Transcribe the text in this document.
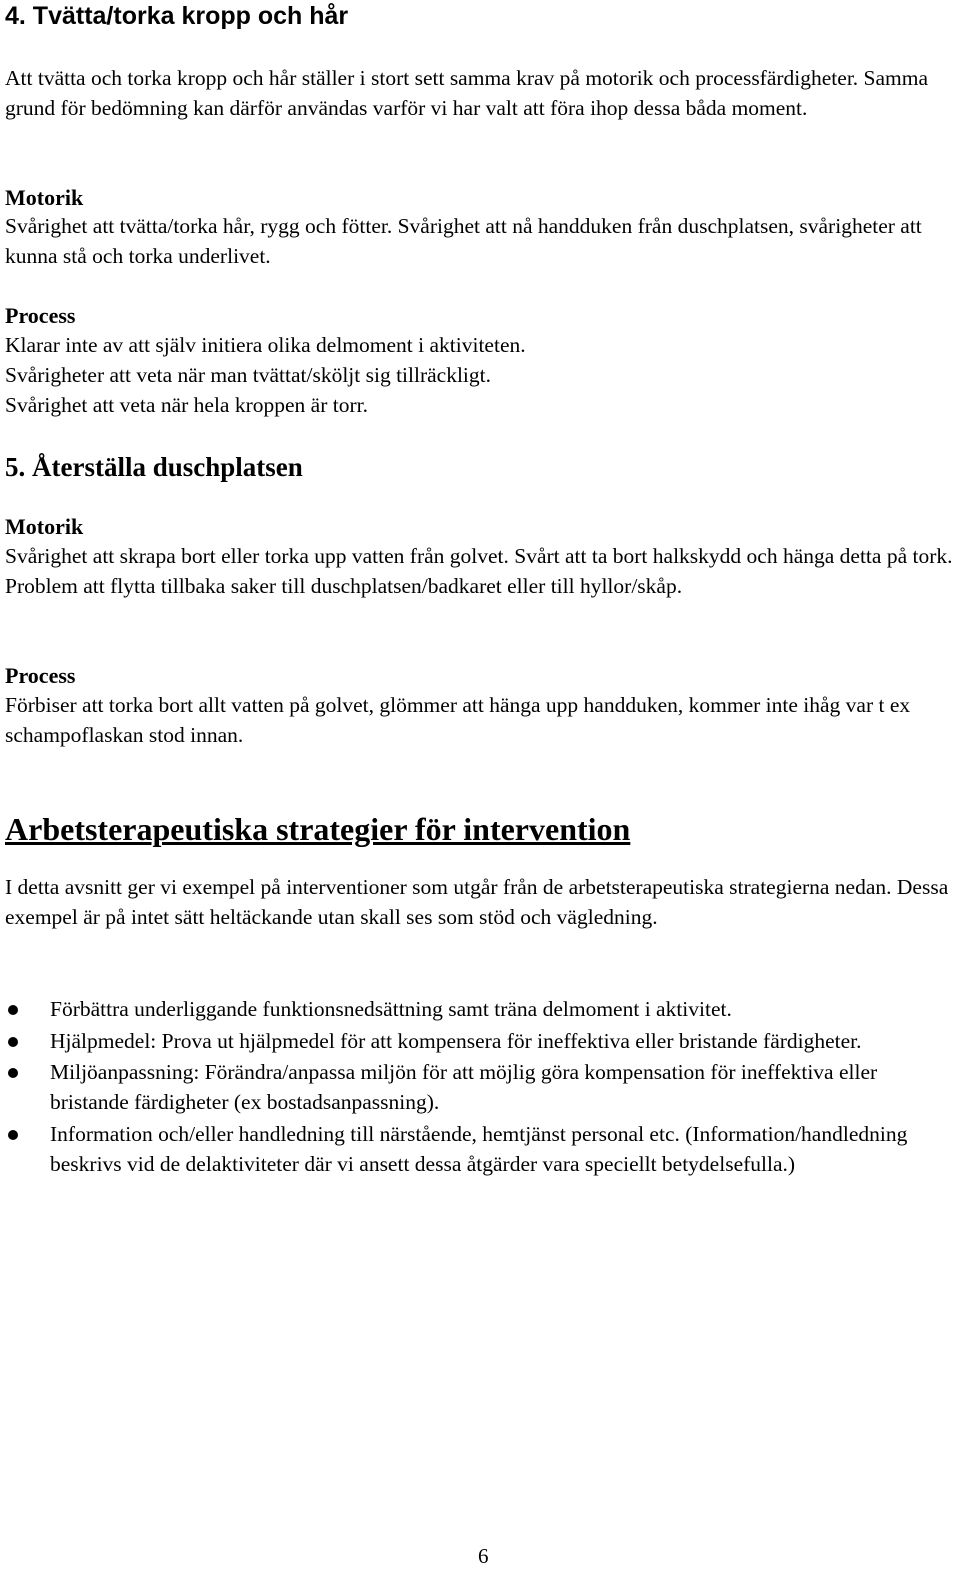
4. Tvätta/torka kropp och hår

Att tvätta och torka kropp och hår ställer i stort sett samma krav på motorik och processfärdigheter. Samma grund för bedömning kan därför användas varför vi har valt att föra ihop dessa båda moment.

Motorik

Svårighet att tvätta/torka hår, rygg och fötter. Svårighet att nå handduken från duschplatsen, svårigheter att kunna stå och torka underlivet.

Process

Klarar inte av att själv initiera olika delmoment i aktiviteten.

Svårigheter att veta när man tvättat/sköljt sig tillräckligt.

Svårighet att veta när hela kroppen är torr.

5. Återställa duschplatsen

Motorik

Svårighet att skrapa bort eller torka upp vatten från golvet. Svårt att ta bort halkskydd och hänga detta på tork. Problem att flytta tillbaka saker till duschplatsen/badkaret eller till hyllor/skåp.

Process

Förbiser att torka bort allt vatten på golvet, glömmer att hänga upp handduken, kommer inte ihåg var t ex schampoflaskan stod innan.

Arbetsterapeutiska strategier för intervention

I detta avsnitt ger vi exempel på interventioner som utgår från de arbetsterapeutiska strategierna nedan. Dessa exempel är på intet sätt heltäckande utan skall ses som stöd och vägledning.

Förbättra underliggande funktionsnedsättning samt träna delmoment i aktivitet.
Hjälpmedel: Prova ut hjälpmedel för att kompensera för ineffektiva eller bristande färdigheter.
Miljöanpassning: Förändra/anpassa miljön för att möjlig göra kompensation för ineffektiva eller bristande färdigheter (ex bostadsanpassning).
Information och/eller handledning till närstående, hemtjänst personal etc. (Information/handledning beskrivs vid de delaktiviteter där vi ansett dessa åtgärder vara speciellt betydelsefulla.)

6
